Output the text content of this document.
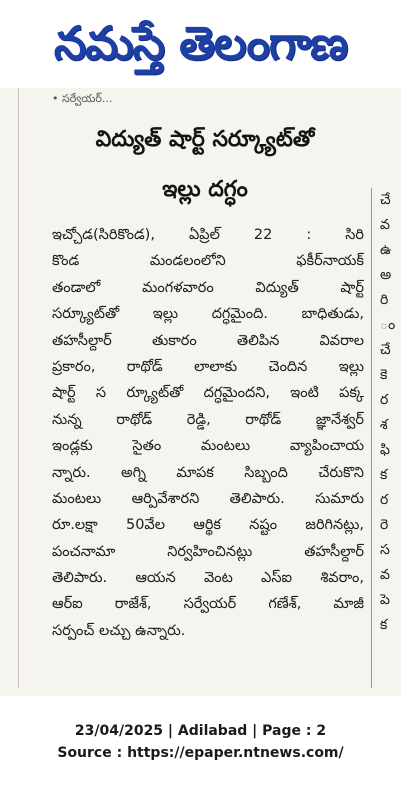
నమస్తే తెలంగాణ
• సర్వేయర్...
విద్యుత్ షార్ట్ సర్క్యూట్‌తో
ఇల్లు దగ్ధం
ఇచ్చోడ(సిరికొండ), ఏప్రిల్ 22 : సిరి
కొండ మండలంలోని ఫకీర్‌నాయక్
తండాలో మంగళవారం విద్యుత్ షార్ట్
సర్క్యూట్‌తో ఇల్లు దగ్ధమైంది. బాధితుడు,
తహసీల్దార్ తుకారం తెలిపిన వివరాల
ప్రకారం, రాథోడ్ లాలాకు చెందిన ఇల్లు
షార్ట్ స ర్క్యూట్‌తో దగ్ధమైందని, ఇంటి పక్క
నున్న రాథోడ్ రెడ్డి, రాథోడ్ జ్ఞానేశ్వర్
ఇండ్లకు సైతం మంటలు వ్యాపించాయ
న్నారు. అగ్ని మాపక సిబ్బంది చేరుకొని
మంటలు ఆర్పివేశారని తెలిపారు. సుమారు
రూ.లక్షా 50వేల ఆర్థిక నష్టం జరిగినట్లు,
పంచనామా నిర్వహించినట్లు తహసీల్దార్
తెలిపారు. ఆయన వెంట ఎస్ఐ శివరాం,
ఆర్ఐ రాజేశ్, సర్వేయర్ గణేశ్, మాజీ
సర్పంచ్ లచ్చు ఉన్నారు.
చే
వ
ఉ
అ
రి
ం
చే
కె
ర
శ
ఫి
క
ర
రె
స
వ
పె
క
23/04/2025 | Adilabad | Page : 2
Source : https://epaper.ntnews.com/
